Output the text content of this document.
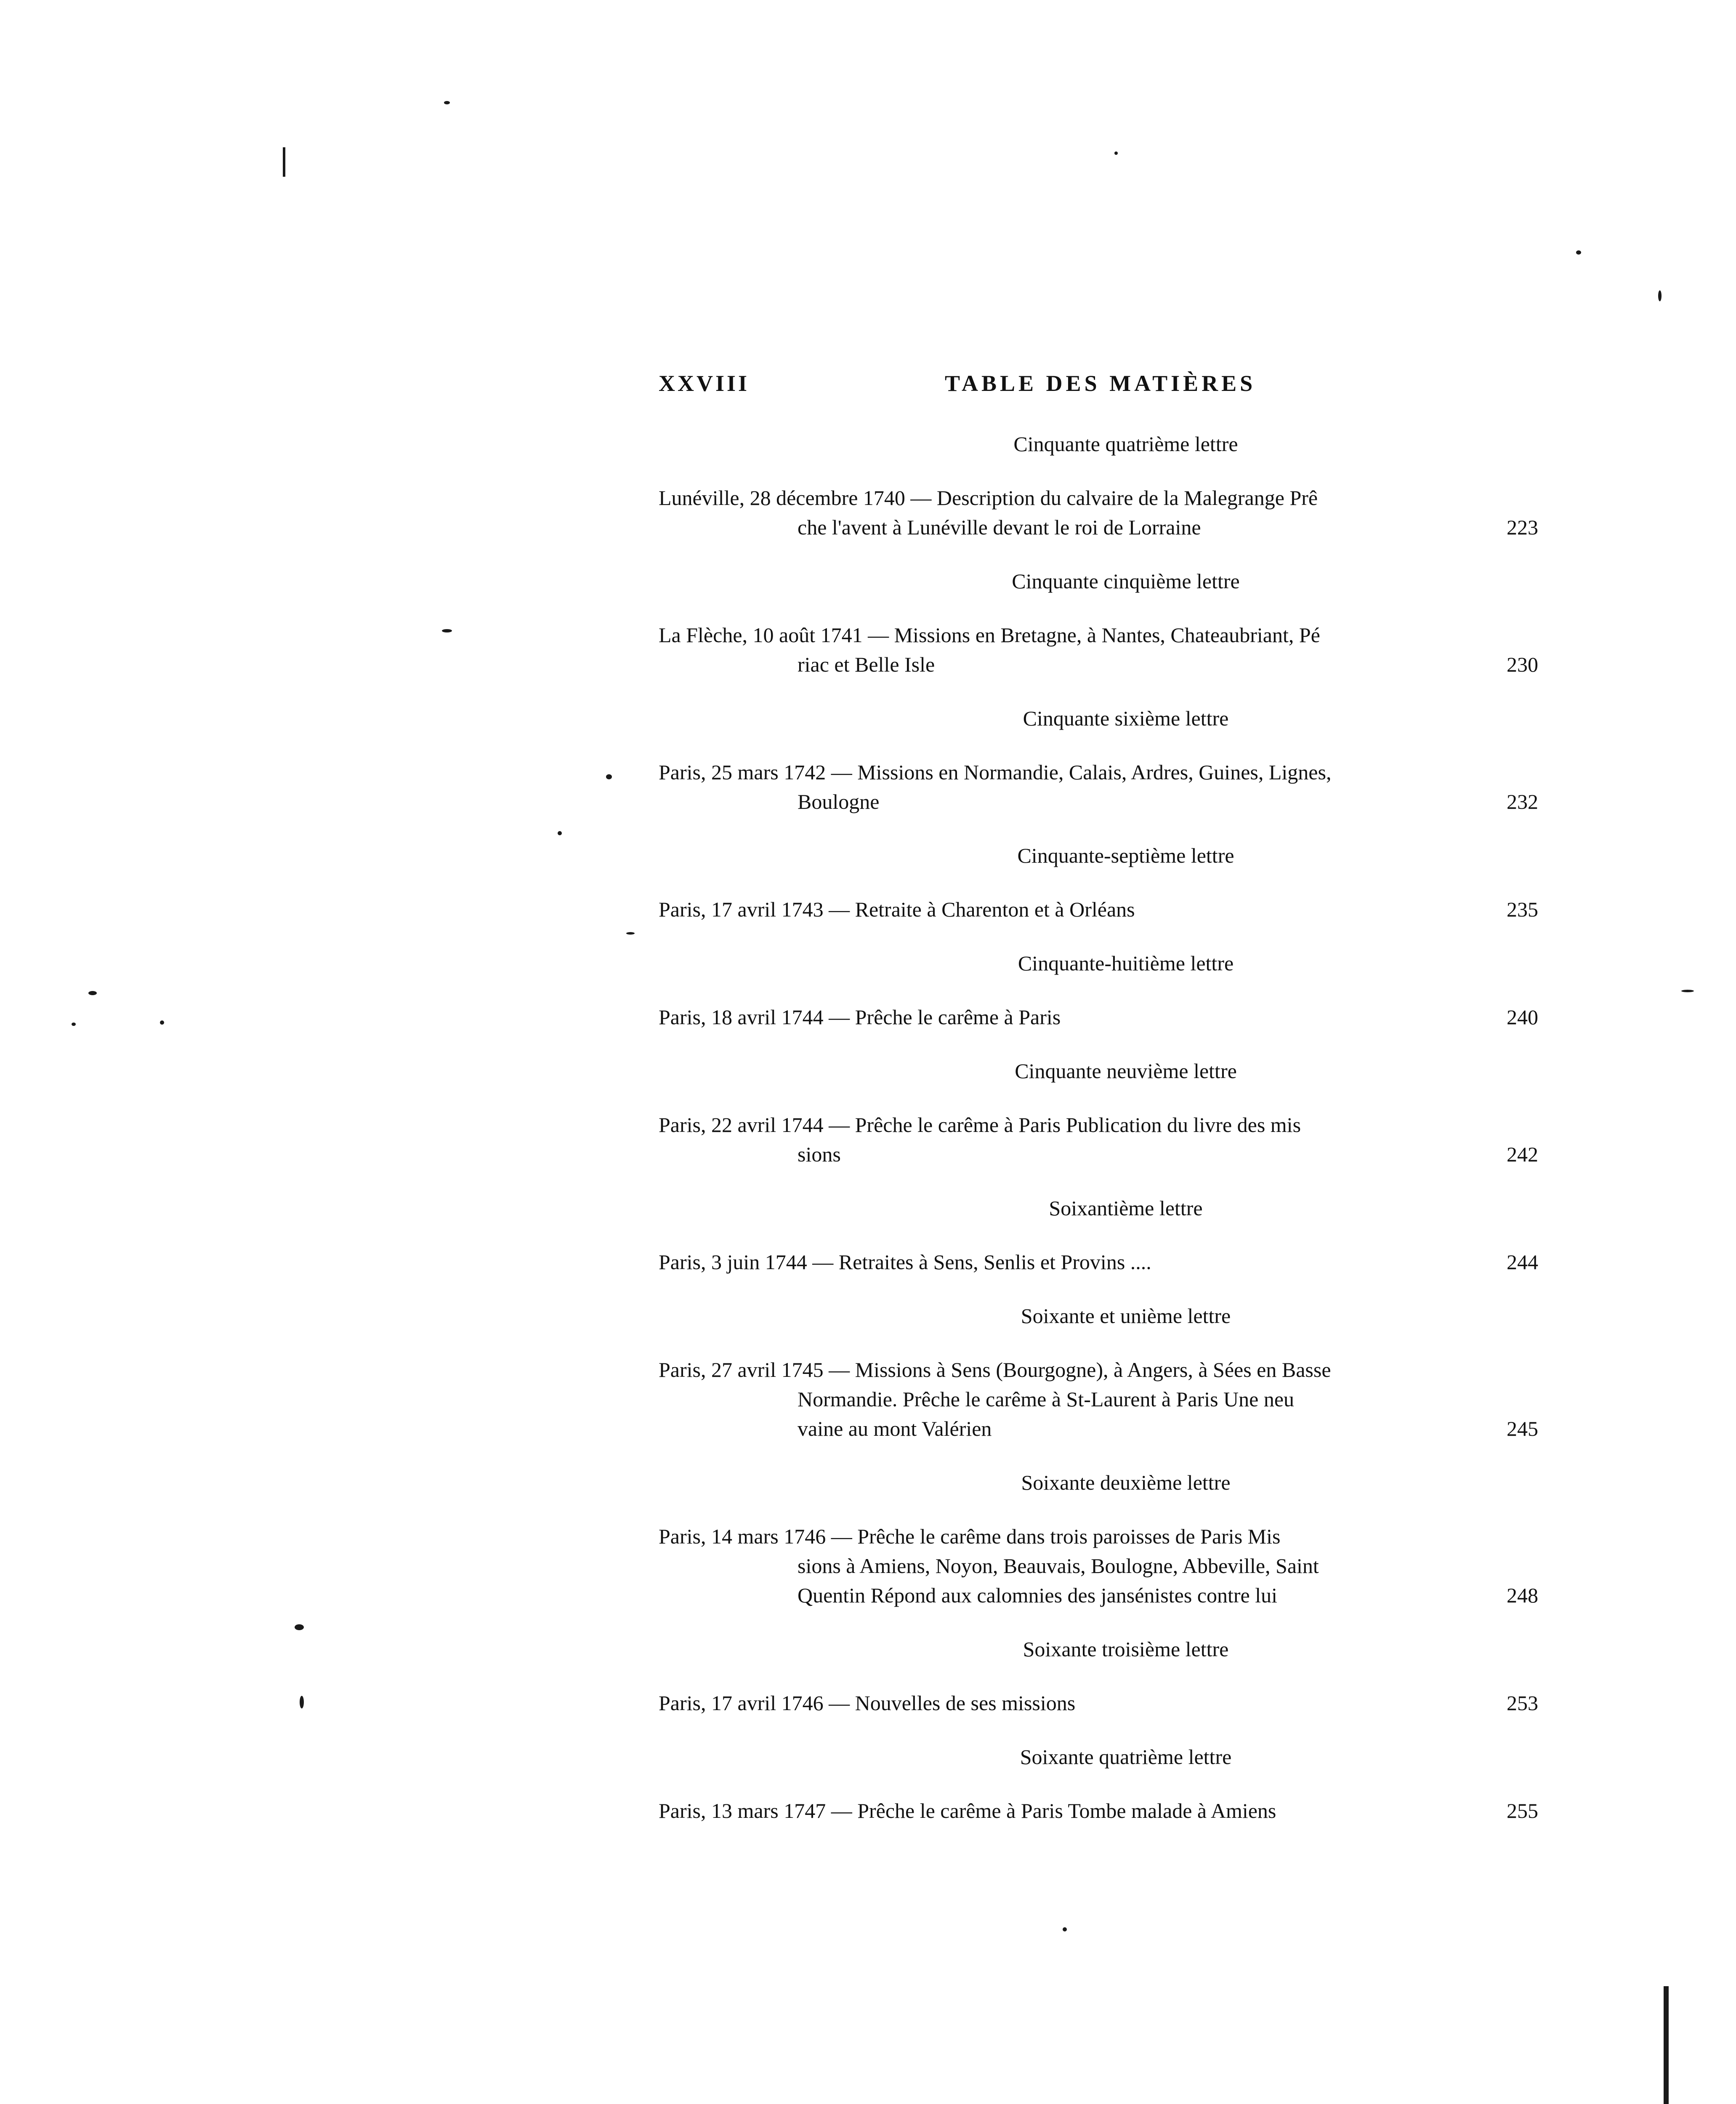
XXVIII	TABLE DES MATIÈRES
Cinquante quatrième lettre
Lunéville, 28 décembre 1740 — Description du calvaire de la Malegrange Prê
che l'avent à Lunéville devant le roi de Lorraine	223
Cinquante cinquième lettre
La Flèche, 10 août 1741 — Missions en Bretagne, à Nantes, Chateaubriant, Pé
riac et Belle Isle	230
Cinquante sixième lettre
Paris, 25 mars 1742 — Missions en Normandie, Calais, Ardres, Guines, Lignes,
Boulogne	232
Cinquante-septième lettre
Paris, 17 avril 1743 — Retraite à Charenton et à Orléans	235
Cinquante-huitième lettre
Paris, 18 avril 1744 — Prêche le carême à Paris	240
Cinquante neuvième lettre
Paris, 22 avril 1744 — Prêche le carême à Paris Publication du livre des mis
sions	242
Soixantième lettre
Paris, 3 juin 1744 — Retraites à Sens, Senlis et Provins ....	244
Soixante et unième lettre
Paris, 27 avril 1745 — Missions à Sens (Bourgogne), à Angers, à Sées en Basse
Normandie. Prêche le carême à St-Laurent à Paris Une neu
vaine au mont Valérien	245
Soixante deuxième lettre
Paris, 14 mars 1746 — Prêche le carême dans trois paroisses de Paris Mis
sions à Amiens, Noyon, Beauvais, Boulogne, Abbeville, Saint
Quentin Répond aux calomnies des jansénistes contre lui	248
Soixante troisième lettre
Paris, 17 avril 1746 — Nouvelles de ses missions	253
Soixante quatrième lettre
Paris, 13 mars 1747 — Prêche le carême à Paris Tombe malade à Amiens	255
